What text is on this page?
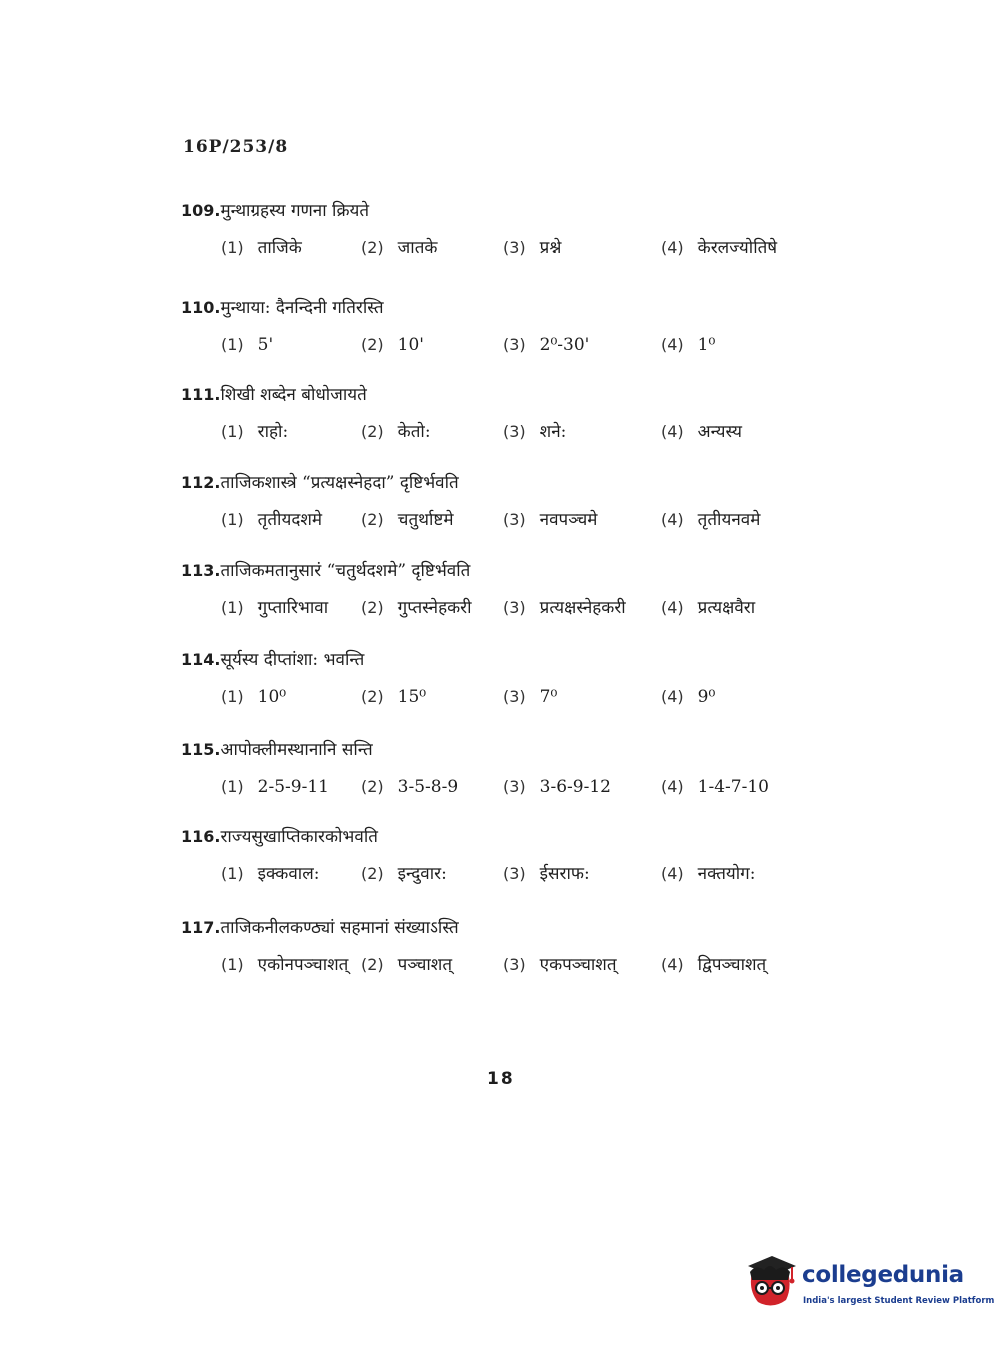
16P/253/8
109.मुन्थाग्रहस्य गणना क्रियते
(1) ताजिके	(2) जातके	(3) प्रश्ने	(4) केरलज्योतिषे
110.मुन्थाया: दैनन्दिनी गतिरस्ति
(1) 5'	(2) 10'	(3) 2⁰-30'	(4) 1⁰
111.शिखी शब्देन बोधोजायते
(1) राहो:	(2) केतो:	(3) शने:	(4) अन्यस्य
112.ताजिकशास्त्रे “प्रत्यक्षस्नेहदा” दृष्टिर्भवति
(1) तृतीयदशमे (2) चतुर्थाष्टमे	(3) नवपञ्चमे	(4) तृतीयनवमे
113.ताजिकमतानुसारं “चतुर्थदशमे” दृष्टिर्भवति
(1) गुप्तारिभावा (2) गुप्तस्नेहकरी (3) प्रत्यक्षस्नेहकरी (4) प्रत्यक्षवैरा
114.सूर्यस्य दीप्तांशा: भवन्ति
(1) 10⁰	(2) 15⁰	(3) 7⁰	(4) 9⁰
115.आपोक्लीमस्थानानि सन्ति
(1) 2-5-9-11 (2) 3-5-8-9	(3) 3-6-9-12	(4) 1-4-7-10
116.राज्यसुखाप्तिकारकोभवति
(1) इक्कवाल:	(2) इन्दुवार:	(3) ईसराफ:	(4) नक्तयोग:
117.ताजिकनीलकण्ठ्यां सहमानां संख्याऽस्ति
(1) एकोनपञ्चाशत् (2) पञ्चाशत्	(3) एकपञ्चाशत्	(4) द्विपञ्चाशत्
18
collegedunia
India's largest Student Review Platform
